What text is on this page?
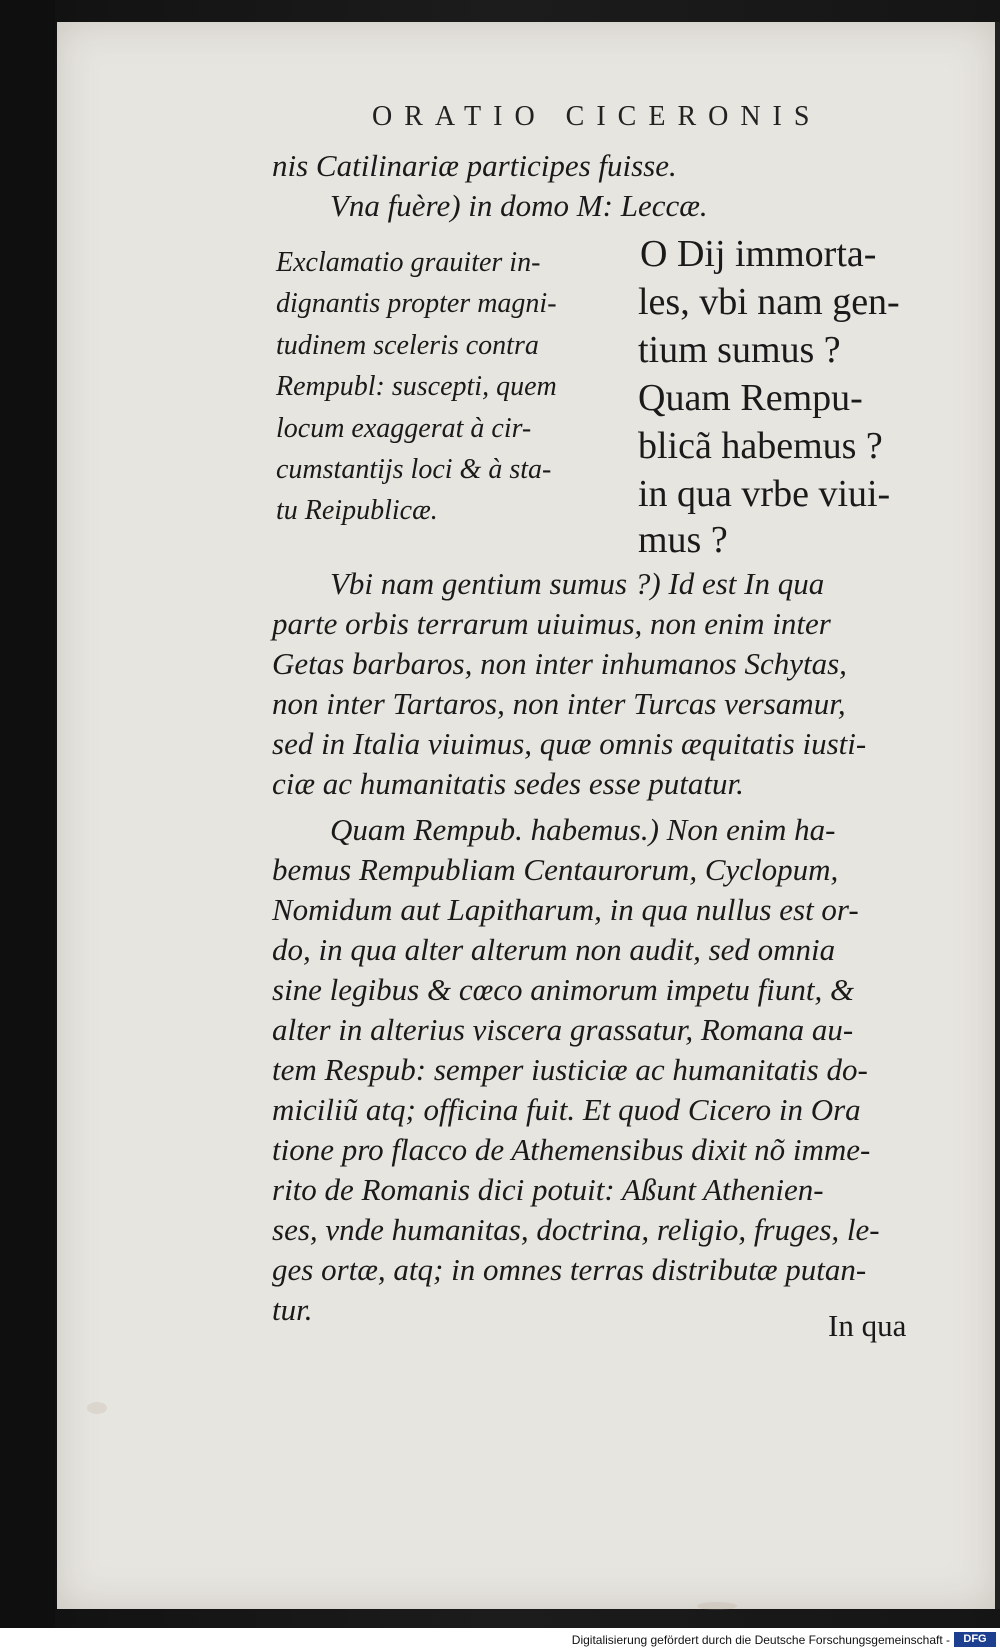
ORATIO CICERONIS
nis Catilinariæ participes fuisse.
Vna fuère) in domo M: Leccæ.
Exclamatio grauiter in-
dignantis propter magni-
tudinem sceleris contra
Rempubl: suscepti, quem
locum exaggerat à cir-
cumstantijs loci & à sta-
tu Reipublicæ.
O Dij immorta-
les, vbi nam gen-
tium sumus ?
Quam Rempu-
blicã habemus ?
in qua vrbe viui-
mus ?
Vbi nam gentium sumus ?) Id est In qua
parte orbis terrarum uiuimus, non enim inter
Getas barbaros, non inter inhumanos Schytas,
non inter Tartaros, non inter Turcas versamur,
sed in Italia viuimus, quæ omnis æquitatis iusti-
ciæ ac humanitatis sedes esse putatur.
Quam Rempub. habemus.) Non enim ha-
bemus Rempubliam Centaurorum, Cyclopum,
Nomidum aut Lapitharum, in qua nullus est or-
do, in qua alter alterum non audit, sed omnia
sine legibus & cœco animorum impetu fiunt, &
alter in alterius viscera grassatur, Romana au-
tem Respub: semper iusticiæ ac humanitatis do-
miciliũ atq; officina fuit. Et quod Cicero in Ora
tione pro flacco de Athemensibus dixit nõ imme-
rito de Romanis dici potuit: Aßunt Athenien-
ses, vnde humanitas, doctrina, religio, fruges, le-
ges ortæ, atq; in omnes terras distributæ putan-
tur.	In qua
Digitalisierung gefördert durch die Deutsche Forschungsgemeinschaft -	DFG
